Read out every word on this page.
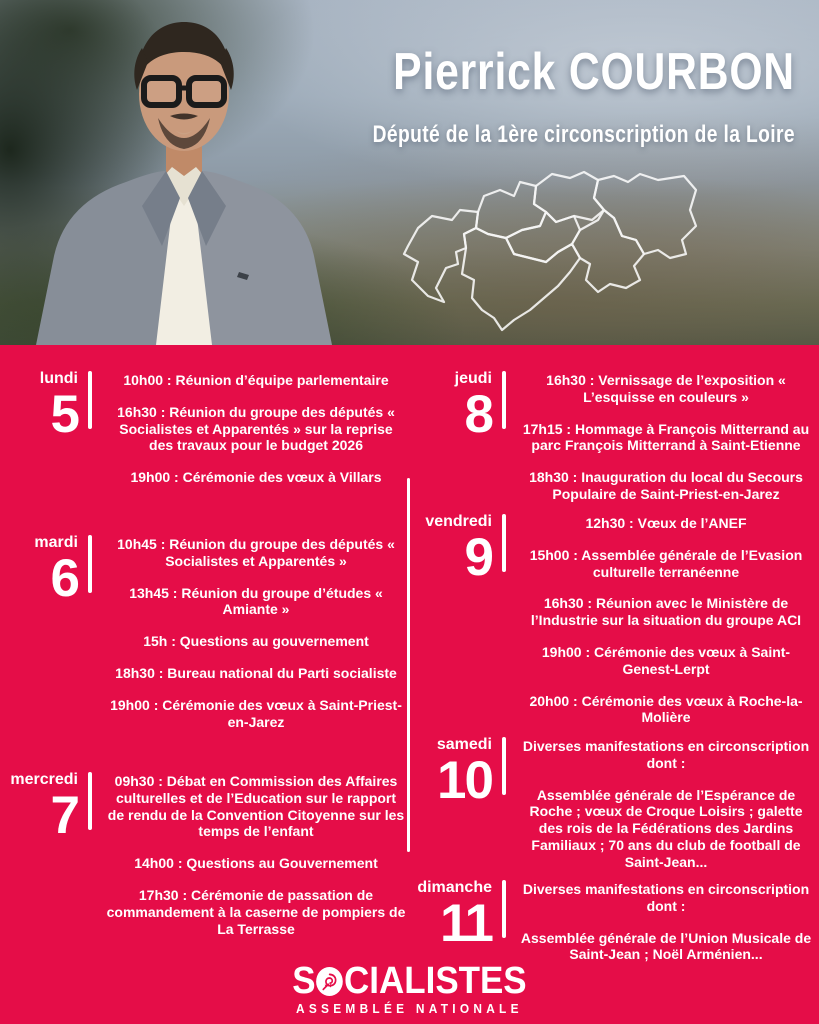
Pierrick COURBON
Député de la 1ère circonscription de la Loire
lundi
5

10h00 : Réunion d’équipe parlementaire

16h30 : Réunion du groupe des députés « Socialistes et Apparentés » sur la reprise des travaux pour le budget 2026

19h00 : Cérémonie des vœux à Villars

mardi
6

10h45 : Réunion du groupe des députés « Socialistes et Apparentés »

13h45 : Réunion du groupe d’études « Amiante »

15h : Questions au gouvernement

18h30 : Bureau national du Parti socialiste

19h00 : Cérémonie des vœux à Saint-Priest-en-Jarez

mercredi
7

09h30 : Débat en Commission des Affaires culturelles et de l’Education sur le rapport de rendu de la Convention Citoyenne sur les temps de l’enfant

14h00 : Questions au Gouvernement

17h30 : Cérémonie de passation de commandement à la caserne de pompiers de La Terrasse

jeudi
8

16h30 : Vernissage de l’exposition « L’esquisse en couleurs »

17h15 : Hommage à François Mitterrand au parc François Mitterrand à Saint-Etienne

18h30 : Inauguration du local du Secours Populaire de Saint-Priest-en-Jarez

vendredi
9

12h30 : Vœux de l’ANEF

15h00 : Assemblée générale de l’Evasion culturelle terranéenne

16h30 : Réunion avec le Ministère de l’Industrie sur la situation du groupe ACI

19h00 : Cérémonie des vœux à Saint-Genest-Lerpt

20h00 : Cérémonie des vœux à Roche-la-Molière

samedi
10

Diverses manifestations en circonscription dont :

Assemblée générale de l’Espérance de Roche ; vœux de Croque Loisirs ; galette des rois de la Fédérations des Jardins Familiaux ; 70 ans du club de football de Saint-Jean...

dimanche
11

Diverses manifestations en circonscription dont :

Assemblée générale de l’Union Musicale de Saint-Jean ; Noël Arménien...

S CIALISTES
ASSEMBLÉE NATIONALE
